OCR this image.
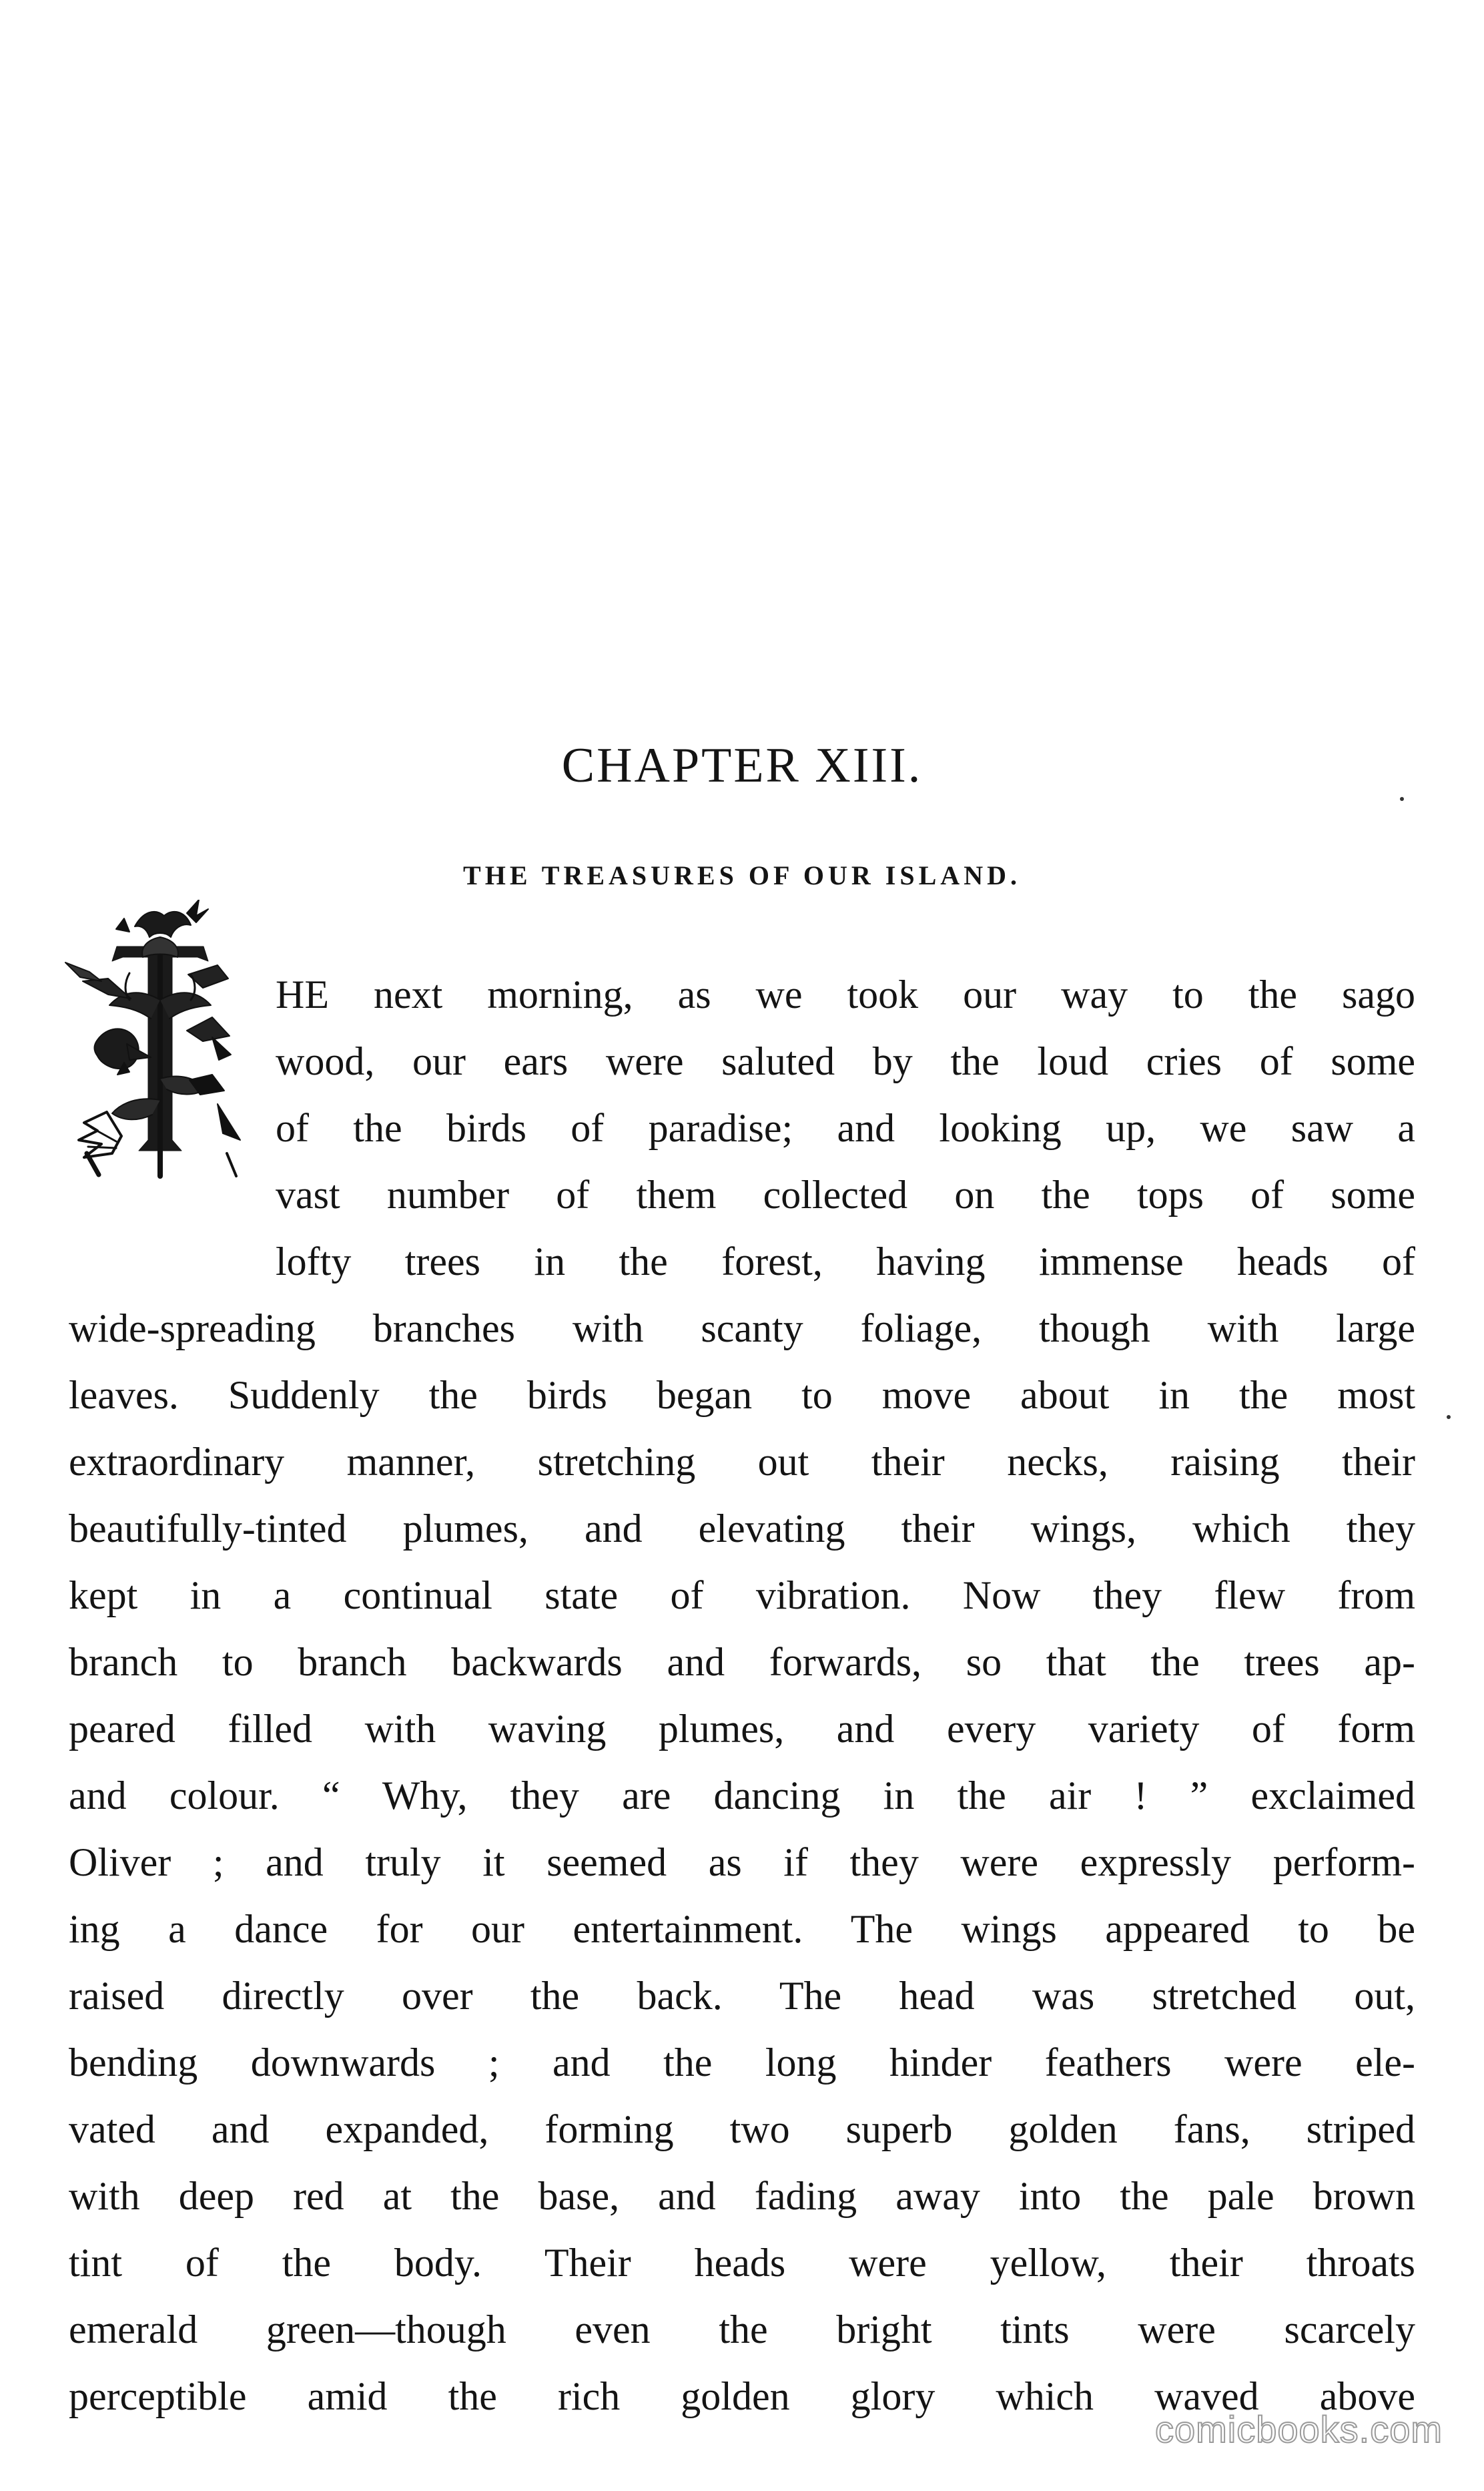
CHAPTER XIII.
THE TREASURES OF OUR ISLAND.
HE next morning, as we took our way to the sago
wood, our ears were saluted by the loud cries of some
of the birds of paradise; and looking up, we saw a
vast number of them collected on the tops of some
lofty trees in the forest, having immense heads of
wide-spreading branches with scanty foliage, though with large
leaves. Suddenly the birds began to move about in the most
extraordinary manner, stretching out their necks, raising their
beautifully-tinted plumes, and elevating their wings, which they
kept in a continual state of vibration. Now they flew from
branch to branch backwards and forwards, so that the trees ap-
peared filled with waving plumes, and every variety of form
and colour. “ Why, they are dancing in the air ! ” exclaimed
Oliver ; and truly it seemed as if they were expressly perform-
ing a dance for our entertainment. The wings appeared to be
raised directly over the back. The head was stretched out,
bending downwards ; and the long hinder feathers were ele-
vated and expanded, forming two superb golden fans, striped
with deep red at the base, and fading away into the pale brown
tint of the body. Their heads were yellow, their throats
emerald green—though even the bright tints were scarcely
perceptible amid the rich golden glory which waved above
comicbooks.com
